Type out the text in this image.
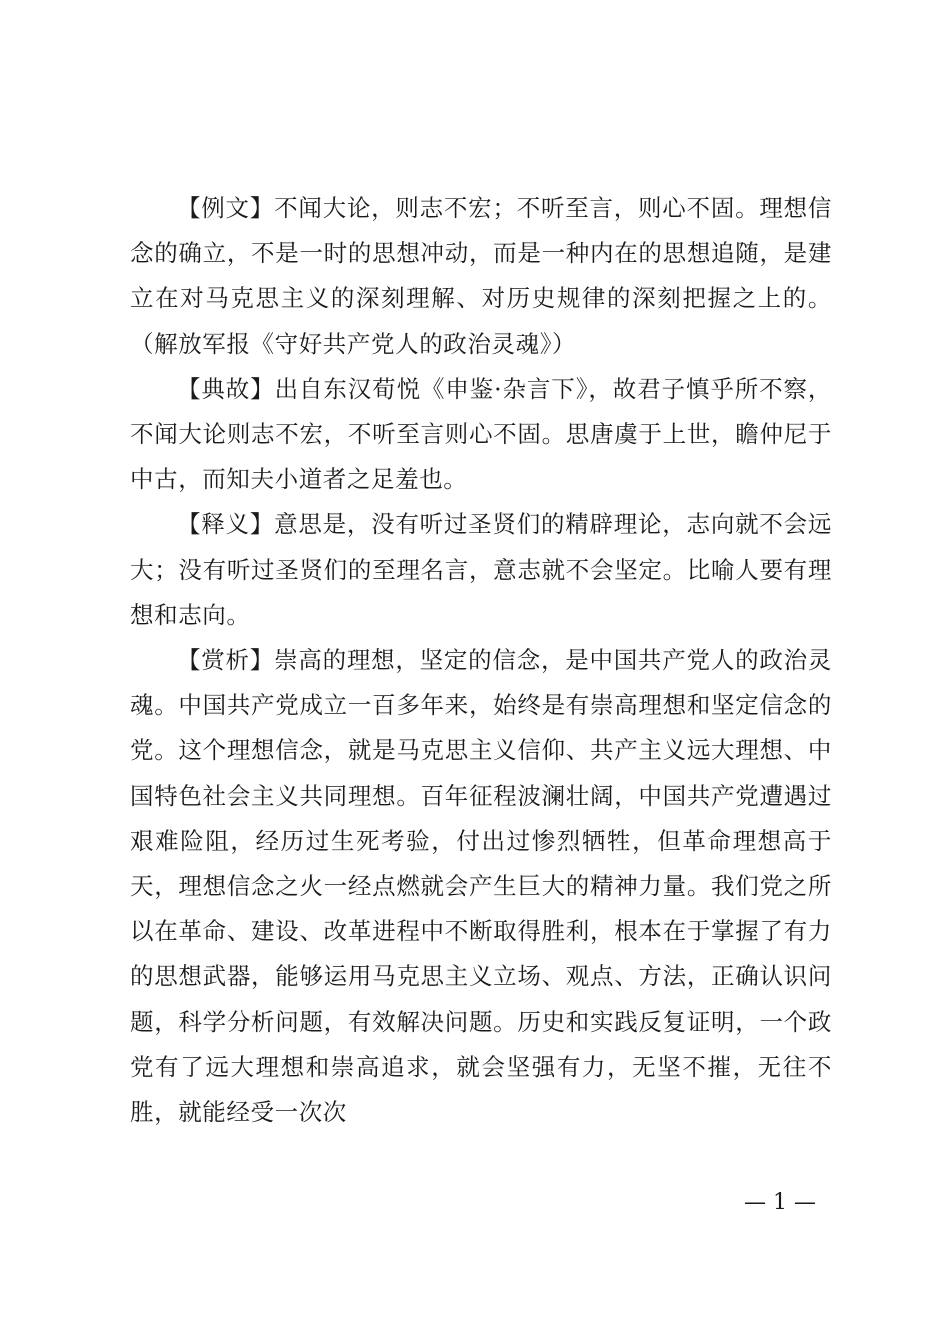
【例文】不闻大论，则志不宏；不听至言，则心不固。理想信念的确立，不是一时的思想冲动，而是一种内在的思想追随，是建立在对马克思主义的深刻理解、对历史规律的深刻把握之上的。（解放军报《守好共产党人的政治灵魂》）

【典故】出自东汉荀悦《申鉴·杂言下》，故君子慎乎所不察，不闻大论则志不宏，不听至言则心不固。思唐虞于上世，瞻仲尼于中古，而知夫小道者之足羞也。

【释义】意思是，没有听过圣贤们的精辟理论，志向就不会远大；没有听过圣贤们的至理名言，意志就不会坚定。比喻人要有理想和志向。

【赏析】崇高的理想，坚定的信念，是中国共产党人的政治灵魂。中国共产党成立一百多年来，始终是有崇高理想和坚定信念的党。这个理想信念，就是马克思主义信仰、共产主义远大理想、中国特色社会主义共同理想。百年征程波澜壮阔，中国共产党遭遇过艰难险阻，经历过生死考验，付出过惨烈牺牲，但革命理想高于天，理想信念之火一经点燃就会产生巨大的精神力量。我们党之所以在革命、建设、改革进程中不断取得胜利，根本在于掌握了有力的思想武器，能够运用马克思主义立场、观点、方法，正确认识问题，科学分析问题，有效解决问题。历史和实践反复证明，一个政党有了远大理想和崇高追求，就会坚强有力，无坚不摧，无往不胜，就能经受一次次

— 1 —
